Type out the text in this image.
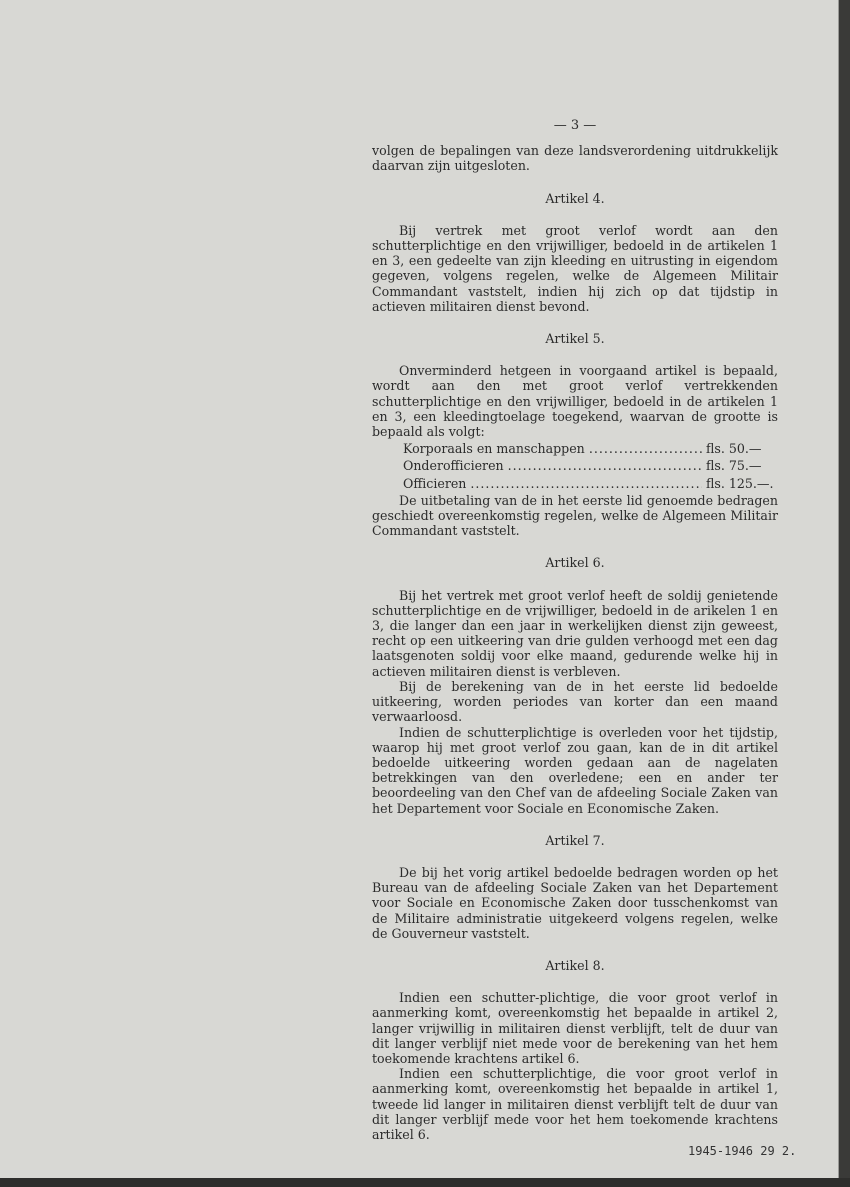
— 3 —

volgen de bepalingen van deze landsverordening uitdrukkelijk daarvan zijn uitgesloten.

Artikel 4.

Bij vertrek met groot verlof wordt aan den schutterplichtige en den vrijwilliger, bedoeld in de artikelen 1 en 3, een gedeelte van zijn kleeding en uitrusting in eigendom gegeven, volgens regelen, welke de Algemeen Militair Commandant vaststelt, indien hij zich op dat tijdstip in actieven militairen dienst bevond.

Artikel 5.

Onverminderd hetgeen in voorgaand artikel is bepaald, wordt aan den met groot verlof vertrekkenden schutterplichtige en den vrijwilliger, bedoeld in de artikelen 1 en 3, een kleedingtoelage toegekend, waarvan de grootte is bepaald als volgt:

Korporaals en manschappen .....	fls. 50.—
Onderofficieren .....	fls. 75.—
Officieren .....	fls. 125.—.

De uitbetaling van de in het eerste lid genoemde bedragen geschiedt overeenkomstig regelen, welke de Algemeen Militair Commandant vaststelt.

Artikel 6.

Bij het vertrek met groot verlof heeft de soldij genietende schutterplichtige en de vrijwilliger, bedoeld in de arikelen 1 en 3, die langer dan een jaar in werkelijken dienst zijn geweest, recht op een uitkeering van drie gulden verhoogd met een dag laatsgenoten soldij voor elke maand, gedurende welke hij in actieven militairen dienst is verbleven.

Bij de berekening van de in het eerste lid bedoelde uitkeering, worden periodes van korter dan een maand verwaarloosd.

Indien de schutterplichtige is overleden voor het tijdstip, waarop hij met groot verlof zou gaan, kan de in dit artikel bedoelde uitkeering worden gedaan aan de nagelaten betrekkingen van den overledene; een en ander ter beoordeeling van den Chef van de afdeeling Sociale Zaken van het Departement voor Sociale en Economische Zaken.

Artikel 7.

De bij het vorig artikel bedoelde bedragen worden op het Bureau van de afdeeling Sociale Zaken van het Departement voor Sociale en Economische Zaken door tusschenkomst van de Militaire administratie uitgekeerd volgens regelen, welke de Gouverneur vaststelt.

Artikel 8.

Indien een schutter-plichtige, die voor groot verlof in aanmerking komt, overeenkomstig het bepaalde in artikel 2, langer vrijwillig in militairen dienst verblijft, telt de duur van dit langer verblijf niet mede voor de berekening van het hem toekomende krachtens artikel 6.

Indien een schutterplichtige, die voor groot verlof in aanmerking komt, overeenkomstig het bepaalde in artikel 1, tweede lid langer in militairen dienst verblijft telt de duur van dit langer verblijf mede voor het hem toekomende krachtens artikel 6.

1945-1946 29 2.
